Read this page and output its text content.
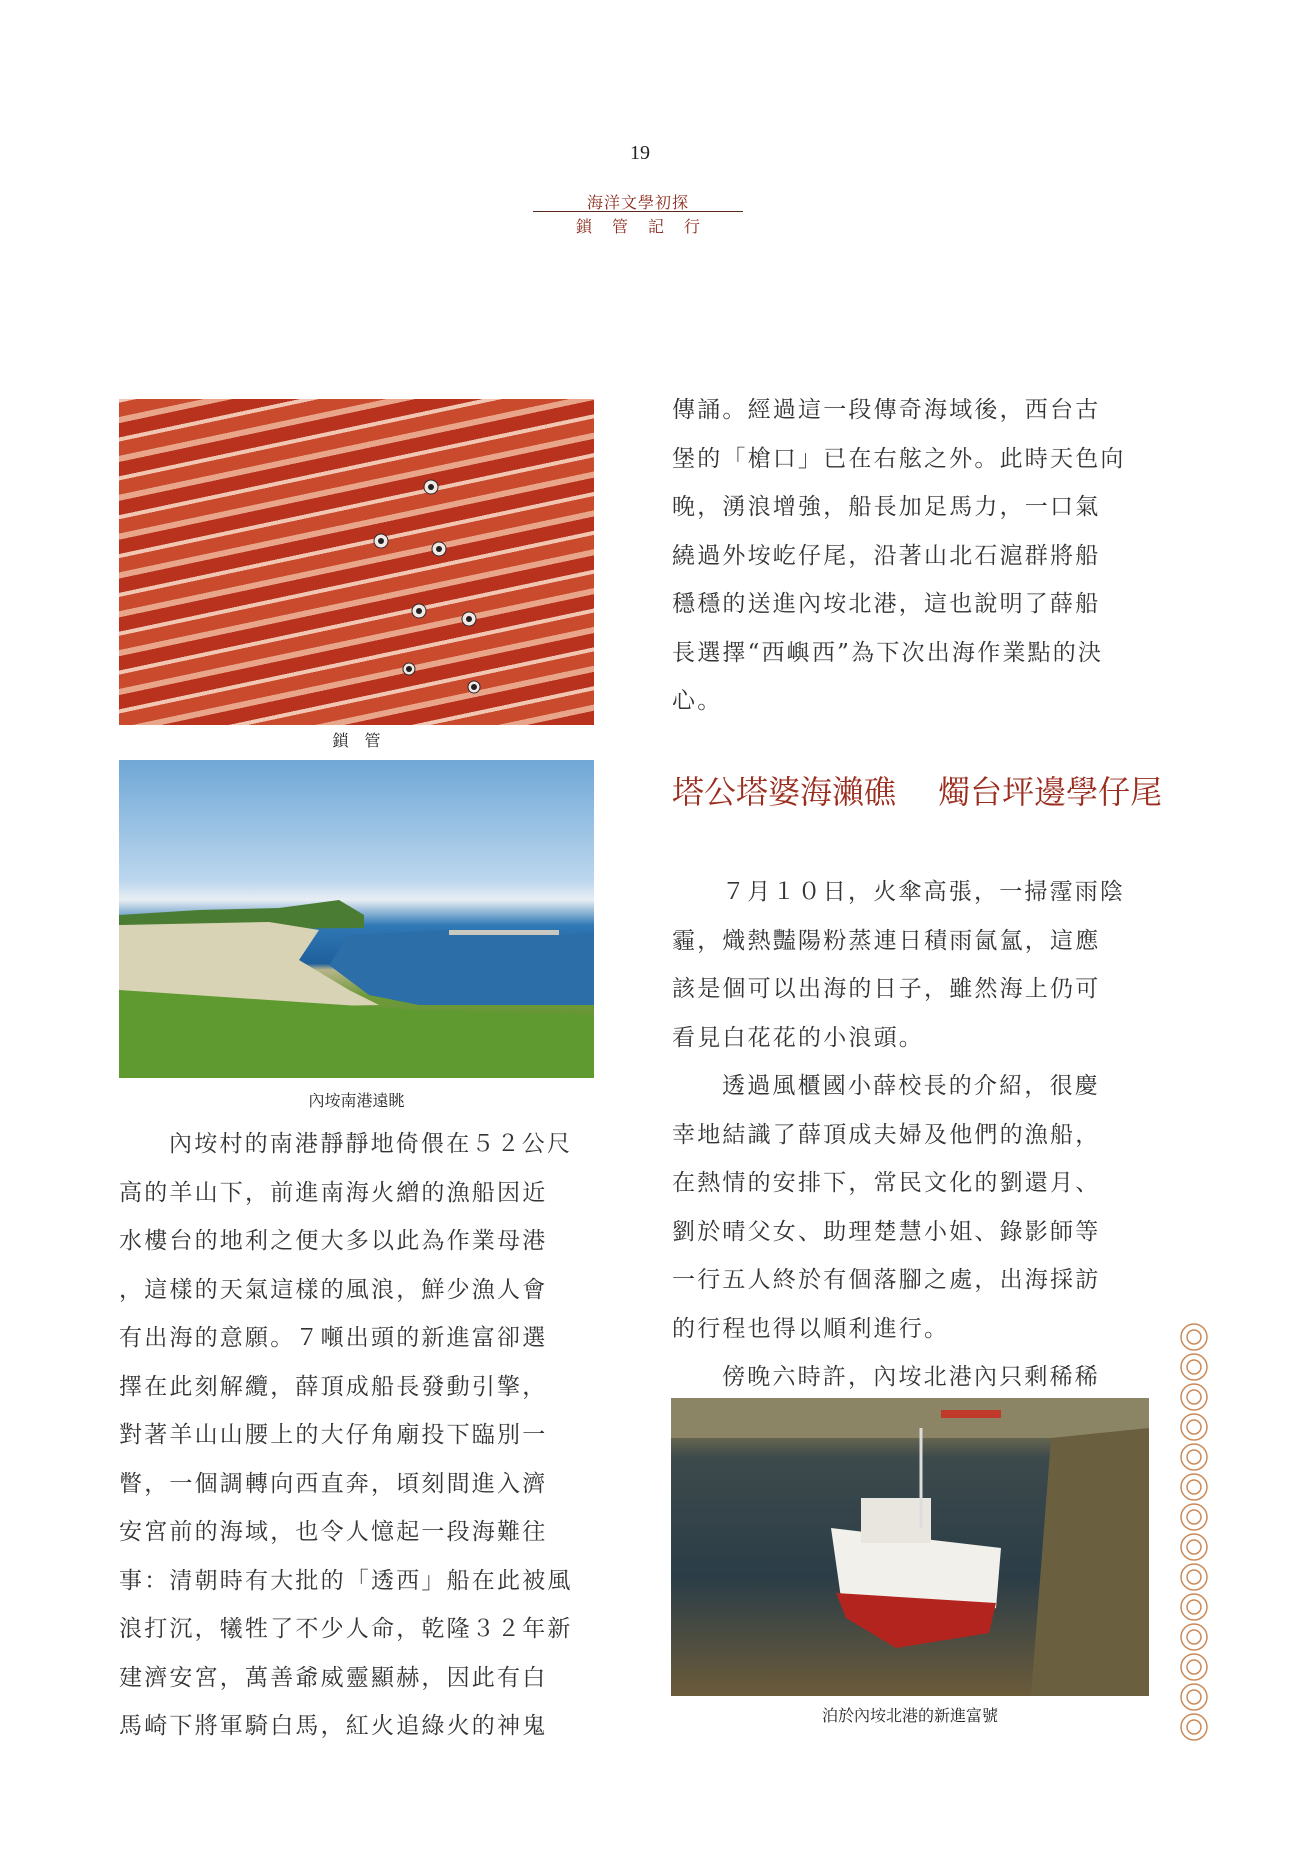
19
海洋文學初探
鎖管記行
鎖　管
內垵南港遠眺

內垵村的南港靜靜地倚偎在５２公尺

高的羊山下，前進南海火繒的漁船因近

水樓台的地利之便大多以此為作業母港

，這樣的天氣這樣的風浪，鮮少漁人會

有出海的意願。７噸出頭的新進富卻選

擇在此刻解纜，薛頂成船長發動引擎，

對著羊山山腰上的大仔角廟投下臨別一

瞥，一個調轉向西直奔，頃刻間進入濟

安宮前的海域，也令人憶起一段海難往

事：清朝時有大批的「透西」船在此被風

浪打沉，犧牲了不少人命，乾隆３２年新

建濟安宮，萬善爺威靈顯赫，因此有白

馬崎下將軍騎白馬，紅火追綠火的神鬼

傳誦。經過這一段傳奇海域後，西台古

堡的「槍口」已在右舷之外。此時天色向

晚，湧浪增強，船長加足馬力，一口氣

繞過外垵屹仔尾，沿著山北石滬群將船

穩穩的送進內垵北港，這也說明了薛船

長選擇“西嶼西”為下次出海作業點的決

心。

塔公塔婆海瀨礁　 燭台坪邊學仔尾

７月１０日，火傘高張，一掃霪雨陰

霾，熾熱豔陽粉蒸連日積雨氤氳，這應

該是個可以出海的日子，雖然海上仍可

看見白花花的小浪頭。

透過風櫃國小薛校長的介紹，很慶

幸地結識了薛頂成夫婦及他們的漁船，

在熱情的安排下，常民文化的劉還月、

劉於晴父女、助理楚慧小姐、錄影師等

一行五人終於有個落腳之處，出海採訪

的行程也得以順利進行。

傍晚六時許，內垵北港內只剩稀稀

泊於內垵北港的新進富號
